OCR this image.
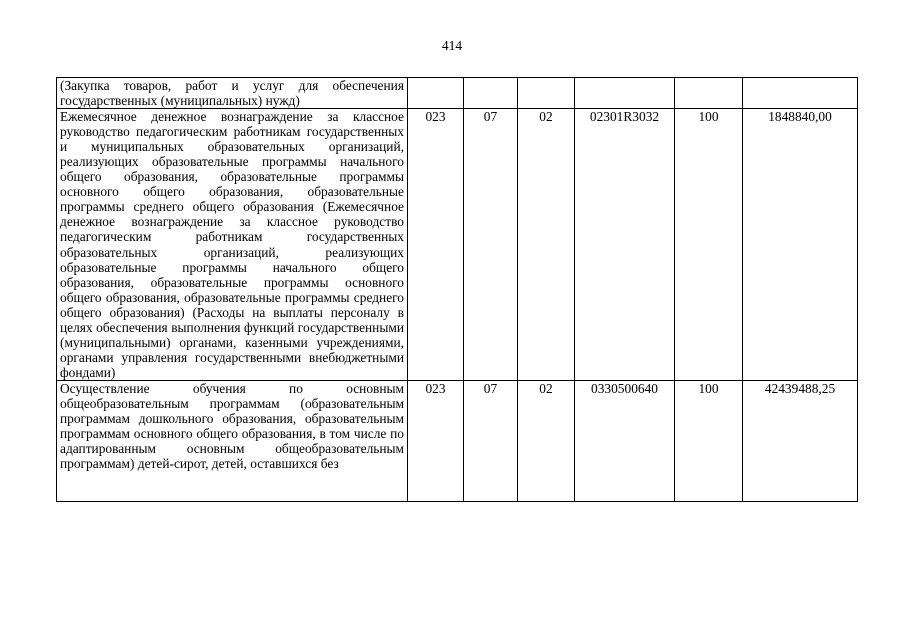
414
(Закупка товаров, работ и услуг для обеспечения государственных (муниципальных) нужд)						
Ежемесячное денежное вознаграждение за классное руководство педагогическим работникам государственных и муниципальных образовательных организаций, реализующих образовательные программы начального общего образования, образовательные программы основного общего образования, образовательные программы среднего общего образования (Ежемесячное денежное вознаграждение за классное руководство педагогическим работникам государственных образовательных организаций, реализующих образовательные программы начального общего образования, образовательные программы основного общего образования, образовательные программы среднего общего образования) (Расходы на выплаты персоналу в целях обеспечения выполнения функций государственными (муниципальными) органами, казенными учреждениями, органами управления государственными внебюджетными фондами)	023	07	02	02301R3032	100	1848840,00

Осуществление обучения по основным общеобразовательным программам (образовательным программам дошкольного образования, образовательным программам основного общего образования, в том числе по адаптированным основным общеобразовательным программам) детей-сирот, детей, оставшихся без	023	07	02	0330500640	100	42439488,25
